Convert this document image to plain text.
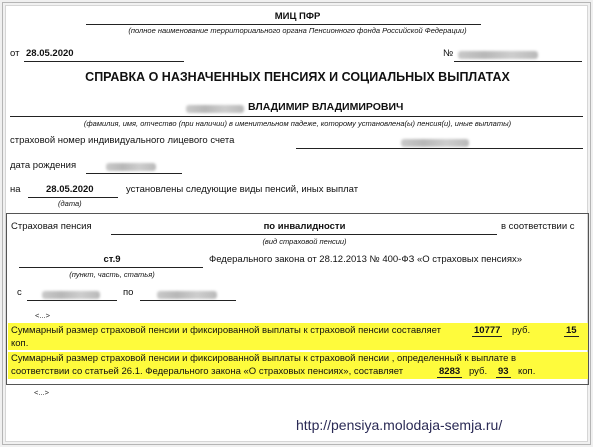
МИЦ ПФР
(полное наименование территориального органа Пенсионного фонда Российской Федерации)
от 28.05.2020	№
СПРАВКА О НАЗНАЧЕННЫХ ПЕНСИЯХ И СОЦИАЛЬНЫХ ВЫПЛАТАХ
ВЛАДИМИР ВЛАДИМИРОВИЧ
(фамилия, имя, отчество (при наличии) в именительном падеже, которому установлена(ы) пенсия(и), иные выплаты)
страховой номер индивидуального лицевого счета
дата рождения
на	28.05.2020	установлены следующие виды пенсий, иных выплат
(дата)
Страховая пенсия	по инвалидности	в соответствии с
(вид страховой пенсии)
ст.9	Федерального закона от 28.12.2013 № 400-ФЗ «О страховых пенсиях»
(пункт, часть, статья)
с	по
<...>
Суммарный размер страховой пенсии и фиксированной выплаты к страховой пенсии составляет	10777 руб.	15
коп.
Суммарный размер страховой пенсии и фиксированной выплаты к страховой пенсии , определенный к выплате в
соответствии со статьей 26.1. Федерального закона «О страховых пенсиях», составляет	8283 руб. 93 коп.
<...>
http://pensiya.molodaja-semja.ru/
